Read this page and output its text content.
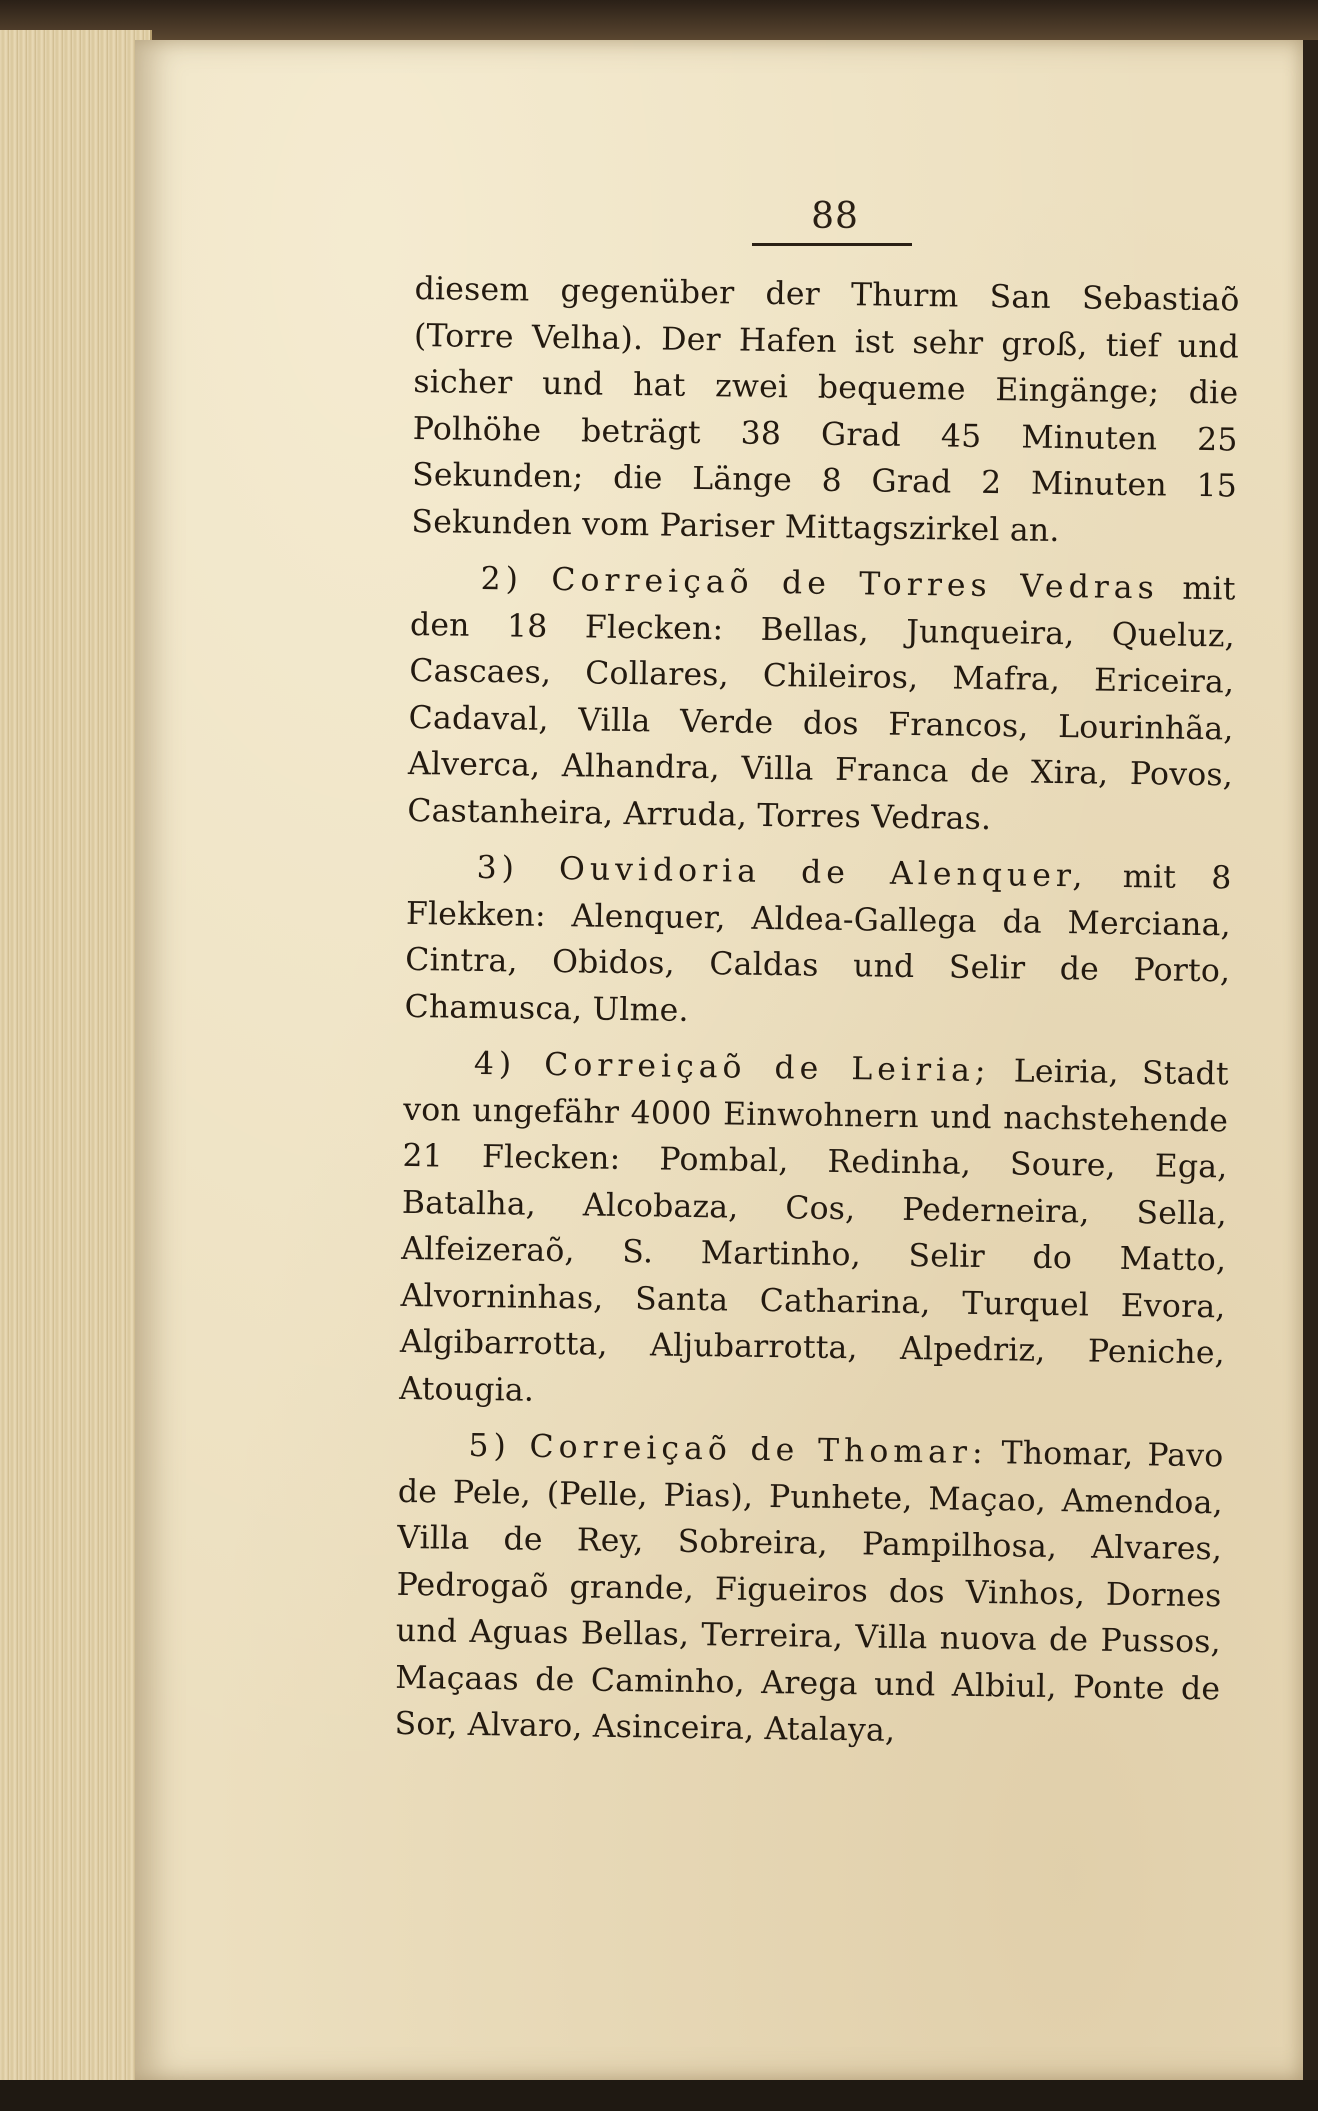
88

diesem gegenüber der Thurm San Sebastiaõ (Torre Velha). Der Hafen ist sehr groß, tief und sicher und hat zwei bequeme Eingänge; die Polhöhe beträgt 38 Grad 45 Minuten 25 Sekunden; die Länge 8 Grad 2 Minuten 15 Sekunden vom Pariser Mittagszirkel an.

2) Correiçaõ de Torres Vedras mit den 18 Flecken: Bellas, Junqueira, Queluz, Cascaes, Collares, Chileiros, Mafra, Ericeira, Cadaval, Villa Verde dos Francos, Lourinhãa, Alverca, Alhandra, Villa Franca de Xira, Povos, Castanheira, Arruda, Torres Vedras.

3) Ouvidoria de Alenquer, mit 8 Flekken: Alenquer, Aldea-Gallega da Merciana, Cintra, Obidos, Caldas und Selir de Porto, Chamusca, Ulme.

4) Correiçaõ de Leiria; Leiria, Stadt von ungefähr 4000 Einwohnern und nachstehende 21 Flecken: Pombal, Redinha, Soure, Ega, Batalha, Alcobaza, Cos, Pederneira, Sella, Alfeizeraõ, S. Martinho, Selir do Matto, Alvorninhas, Santa Catharina, Turquel Evora, Algibarrotta, Aljubarrotta, Alpedriz, Peniche, Atougia.

5) Correiçaõ de Thomar: Thomar, Pavo de Pele, (Pelle, Pias), Punhete, Maçao, Amendoa, Villa de Rey, Sobreira, Pampilhosa, Alvares, Pedrogaõ grande, Figueiros dos Vinhos, Dornes und Aguas Bellas, Terreira, Villa nuova de Pussos, Maçaas de Caminho, Arega und Albiul, Ponte de Sor, Alvaro, Asinceira, Atalaya,
